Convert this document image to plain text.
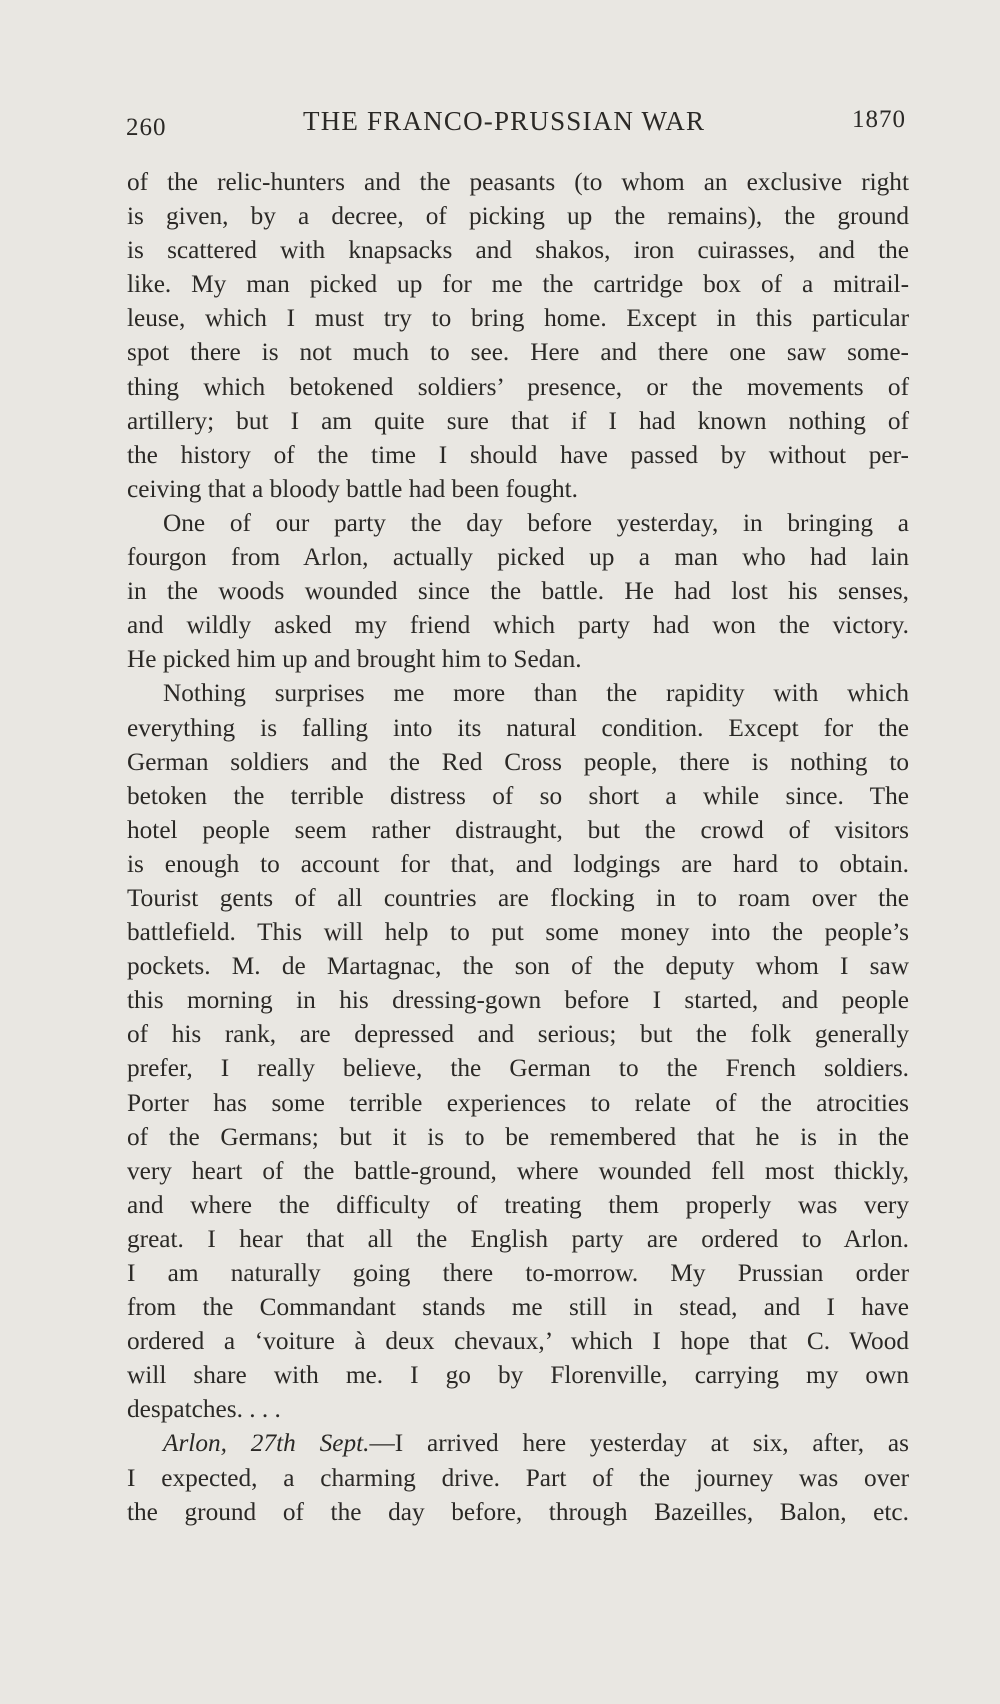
260	THE FRANCO-PRUSSIAN WAR	1870
of the relic-hunters and the peasants (to whom an exclusive right
is given, by a decree, of picking up the remains), the ground
is scattered with knapsacks and shakos, iron cuirasses, and the
like. My man picked up for me the cartridge box of a mitrail-
leuse, which I must try to bring home. Except in this particular
spot there is not much to see. Here and there one saw some-
thing which betokened soldiers’ presence, or the movements of
artillery; but I am quite sure that if I had known nothing of
the history of the time I should have passed by without per-
ceiving that a bloody battle had been fought.
One of our party the day before yesterday, in bringing a
fourgon from Arlon, actually picked up a man who had lain
in the woods wounded since the battle. He had lost his senses,
and wildly asked my friend which party had won the victory.
He picked him up and brought him to Sedan.
Nothing surprises me more than the rapidity with which
everything is falling into its natural condition. Except for the
German soldiers and the Red Cross people, there is nothing to
betoken the terrible distress of so short a while since. The
hotel people seem rather distraught, but the crowd of visitors
is enough to account for that, and lodgings are hard to obtain.
Tourist gents of all countries are flocking in to roam over the
battlefield. This will help to put some money into the people’s
pockets. M. de Martagnac, the son of the deputy whom I saw
this morning in his dressing-gown before I started, and people
of his rank, are depressed and serious; but the folk generally
prefer, I really believe, the German to the French soldiers.
Porter has some terrible experiences to relate of the atrocities
of the Germans; but it is to be remembered that he is in the
very heart of the battle-ground, where wounded fell most thickly,
and where the difficulty of treating them properly was very
great. I hear that all the English party are ordered to Arlon.
I am naturally going there to-morrow. My Prussian order
from the Commandant stands me still in stead, and I have
ordered a ‘voiture à deux chevaux,’ which I hope that C. Wood
will share with me. I go by Florenville, carrying my own
despatches. . . .
Arlon, 27th Sept.—I arrived here yesterday at six, after, as
I expected, a charming drive. Part of the journey was over
the ground of the day before, through Bazeilles, Balon, etc.
